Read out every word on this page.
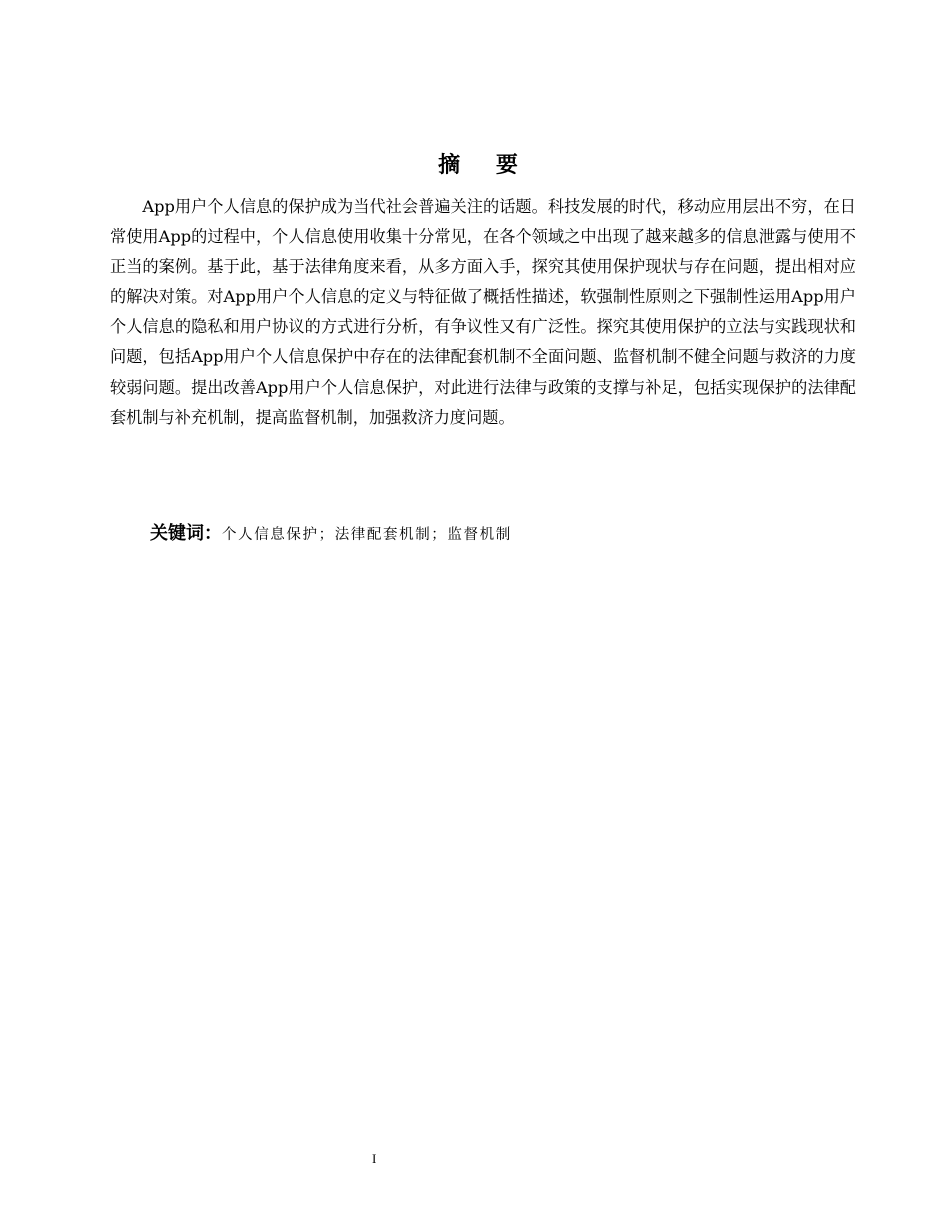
摘 要

App用户个人信息的保护成为当代社会普遍关注的话题。科技发展的时代，移动应用层出不穷，在日常使用App的过程中，个人信息使用收集十分常见，在各个领域之中出现了越来越多的信息泄露与使用不正当的案例。基于此，基于法律角度来看，从多方面入手，探究其使用保护现状与存在问题，提出相对应的解决对策。对App用户个人信息的定义与特征做了概括性描述，软强制性原则之下强制性运用App用户个人信息的隐私和用户协议的方式进行分析，有争议性又有广泛性。探究其使用保护的立法与实践现状和问题，包括App用户个人信息保护中存在的法律配套机制不全面问题、监督机制不健全问题与救济的力度较弱问题。提出改善App用户个人信息保护，对此进行法律与政策的支撑与补足，包括实现保护的法律配套机制与补充机制，提高监督机制，加强救济力度问题。

关键词：个人信息保护；法律配套机制；监督机制
I
